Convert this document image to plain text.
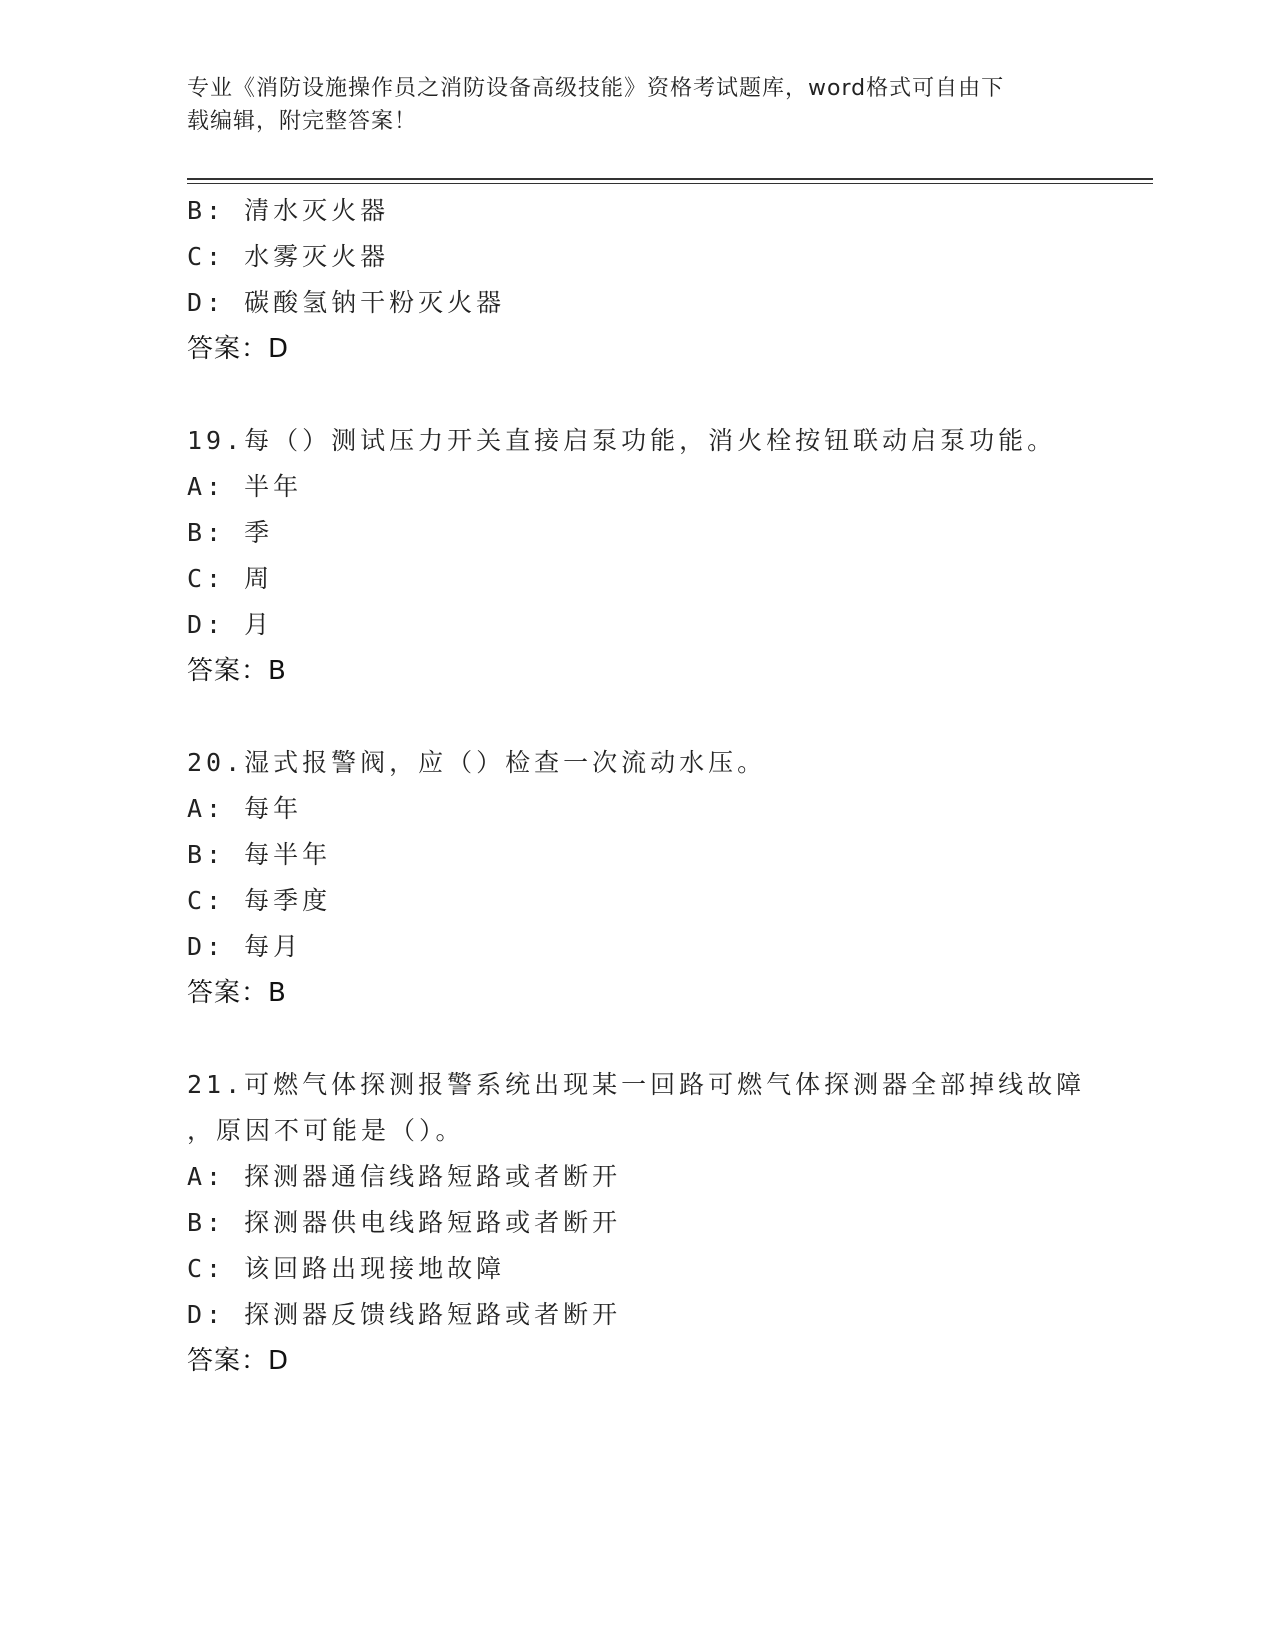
专业《消防设施操作员之消防设备高级技能》资格考试题库，word格式可自由下
载编辑，附完整答案！
B: 清水灭火器
C: 水雾灭火器
D: 碳酸氢钠干粉灭火器
答案：D
19.每（）测试压力开关直接启泵功能，消火栓按钮联动启泵功能。
A: 半年
B: 季
C: 周
D: 月
答案：B
20.湿式报警阀，应（）检查一次流动水压。
A: 每年
B: 每半年
C: 每季度
D: 每月
答案：B
21.可燃气体探测报警系统出现某一回路可燃气体探测器全部掉线故障
，原因不可能是（）。
A: 探测器通信线路短路或者断开
B: 探测器供电线路短路或者断开
C: 该回路出现接地故障
D: 探测器反馈线路短路或者断开
答案：D
